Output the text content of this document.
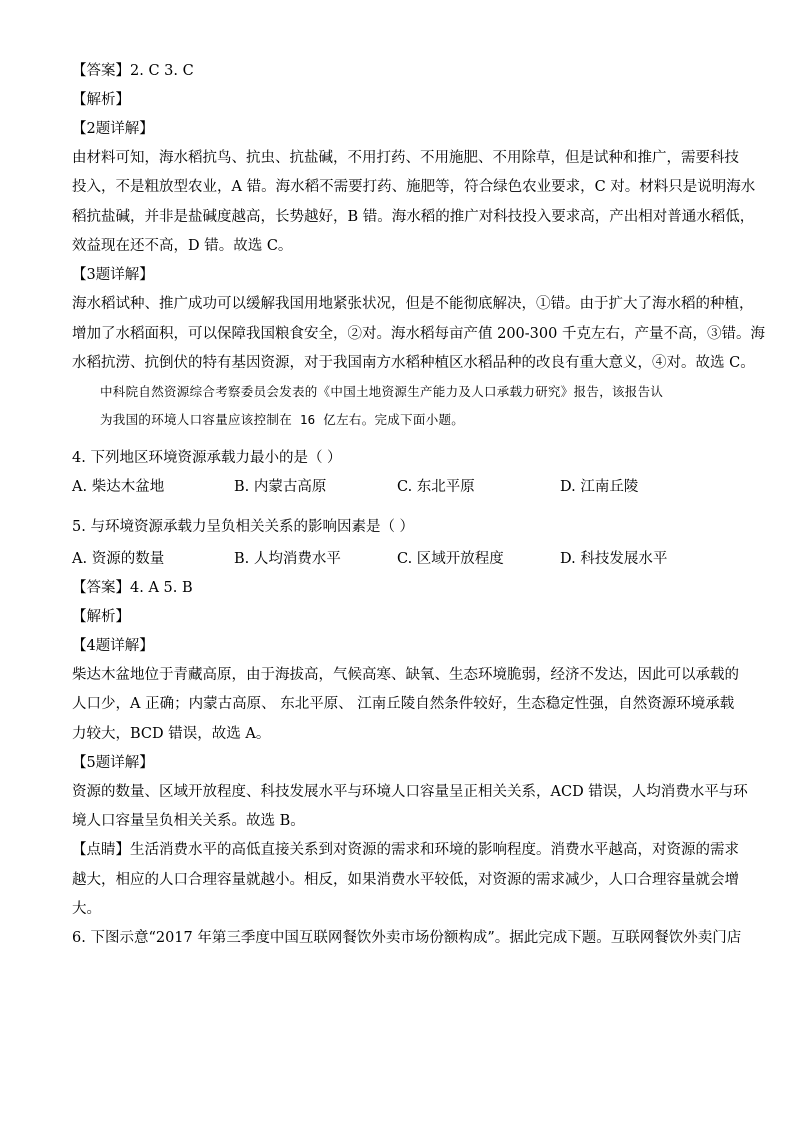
【答案】2. C 3. C

【解析】

【2题详解】

由材料可知，海水稻抗鸟、抗虫、抗盐碱，不用打药、不用施肥、不用除草，但是试种和推广，需要科技

投入，不是粗放型农业，A 错。海水稻不需要打药、施肥等，符合绿色农业要求，C 对。材料只是说明海水

稻抗盐碱，并非是盐碱度越高，长势越好，B 错。海水稻的推广对科技投入要求高，产出相对普通水稻低，

效益现在还不高，D 错。故选 C。

【3题详解】

海水稻试种、推广成功可以缓解我国用地紧张状况，但是不能彻底解决，①错。由于扩大了海水稻的种植，

增加了水稻面积，可以保障我国粮食安全，②对。海水稻每亩产值 200-300 千克左右，产量不高，③错。海

水稻抗涝、抗倒伏的特有基因资源，对于我国南方水稻种植区水稻品种的改良有重大意义，④对。故选 C。

中科院自然资源综合考察委员会发表的《中国土地资源生产能力及人口承载力研究》报告，该报告认

为我国的环境人口容量应该控制在 16 亿左右。完成下面小题。

4. 下列地区环境资源承载力最小的是（ ）

A. 柴达木盆地	B. 内蒙古高原	C. 东北平原	D. 江南丘陵

5. 与环境资源承载力呈负相关关系的影响因素是（ ）

A. 资源的数量	B. 人均消费水平	C. 区域开放程度	D. 科技发展水平

【答案】4. A 5. B

【解析】

【4题详解】

柴达木盆地位于青藏高原，由于海拔高，气候高寒、缺氧、生态环境脆弱，经济不发达，因此可以承载的

人口少，A 正确；内蒙古高原、 东北平原、 江南丘陵自然条件较好，生态稳定性强，自然资源环境承载

力较大，BCD 错误，故选 A。

【5题详解】

资源的数量、区域开放程度、科技发展水平与环境人口容量呈正相关关系，ACD 错误，人均消费水平与环

境人口容量呈负相关关系。故选 B。

【点睛】生活消费水平的高低直接关系到对资源的需求和环境的影响程度。消费水平越高，对资源的需求

越大，相应的人口合理容量就越小。相反，如果消费水平较低，对资源的需求减少，人口合理容量就会增

大。

6. 下图示意“2017 年第三季度中国互联网餐饮外卖市场份额构成”。据此完成下题。互联网餐饮外卖门店
